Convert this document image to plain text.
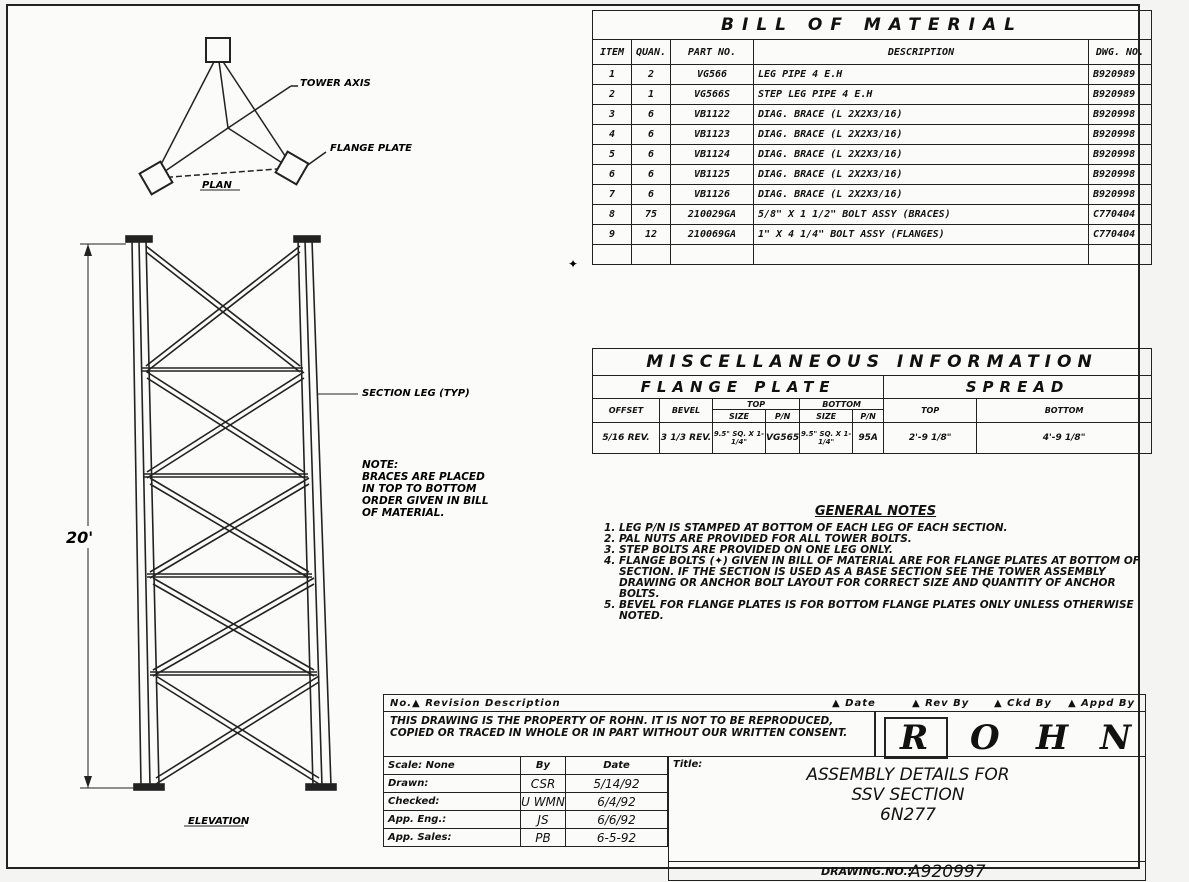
TOWER AXIS
FLANGE PLATE
PLAN
20'
SECTION LEG (TYP)
NOTE:
BRACES ARE PLACED
IN TOP TO BOTTOM
ORDER GIVEN IN BILL
OF MATERIAL.
ELEVATION
✦
BILL OF MATERIAL
ITEM	QUAN.	PART NO.	DESCRIPTION	DWG. NO.
1	2	VG566	LEG PIPE 4 E.H	B920989
2	1	VG566S	STEP LEG PIPE 4 E.H	B920989
3	6	VB1122	DIAG. BRACE (L 2X2X3/16)	B920998
4	6	VB1123	DIAG. BRACE (L 2X2X3/16)	B920998
5	6	VB1124	DIAG. BRACE (L 2X2X3/16)	B920998
6	6	VB1125	DIAG. BRACE (L 2X2X3/16)	B920998
7	6	VB1126	DIAG. BRACE (L 2X2X3/16)	B920998
8	75	210029GA	5/8" X 1 1/2" BOLT ASSY (BRACES)	C770404
9	12	210069GA	1" X 4 1/4" BOLT ASSY (FLANGES)	C770404

MISCELLANEOUS INFORMATION							
FLANGE PLATE						SPREAD	
OFFSET	BEVEL	TOP		BOTTOM		TOP	BOTTOM
		SIZE	P/N	SIZE	P/N		
5/16 REV.	3 1/3 REV.	9.5" SQ. X 1-1/4"	VG565	9.5" SQ. X 1-1/4"	95A	2'-9 1/8"	4'-9 1/8"
GENERAL NOTES
1. LEG P/N IS STAMPED AT BOTTOM OF EACH LEG OF EACH SECTION.
2. PAL NUTS ARE PROVIDED FOR ALL TOWER BOLTS.
3. STEP BOLTS ARE PROVIDED ON ONE LEG ONLY.
4. FLANGE BOLTS (✦) GIVEN IN BILL OF MATERIAL ARE FOR FLANGE PLATES AT BOTTOM OF SECTION. IF THE SECTION IS USED AS A BASE SECTION SEE THE TOWER ASSEMBLY DRAWING OR ANCHOR BOLT LAYOUT FOR CORRECT SIZE AND QUANTITY OF ANCHOR BOLTS.
5. BEVEL FOR FLANGE PLATES IS FOR BOTTOM FLANGE PLATES ONLY UNLESS OTHERWISE NOTED.
No.▲ Revision Description	▲ Date	▲ Rev By ▲ Ckd By ▲ Appd By
THIS DRAWING IS THE PROPERTY OF ROHN. IT IS NOT TO BE REPRODUCED, COPIED OR TRACED IN WHOLE OR IN PART WITHOUT OUR WRITTEN CONSENT.	R O H N
Scale: None	By	Date
Drawn:	CSR	5/14/92
Checked:	U WMN	6/4/92
App. Eng.:	JS	6/6/92
App. Sales:	PB	6-5-92
Title:
ASSEMBLY DETAILS FOR
SSV SECTION
6N277
DRAWING.NO.:
A920997
